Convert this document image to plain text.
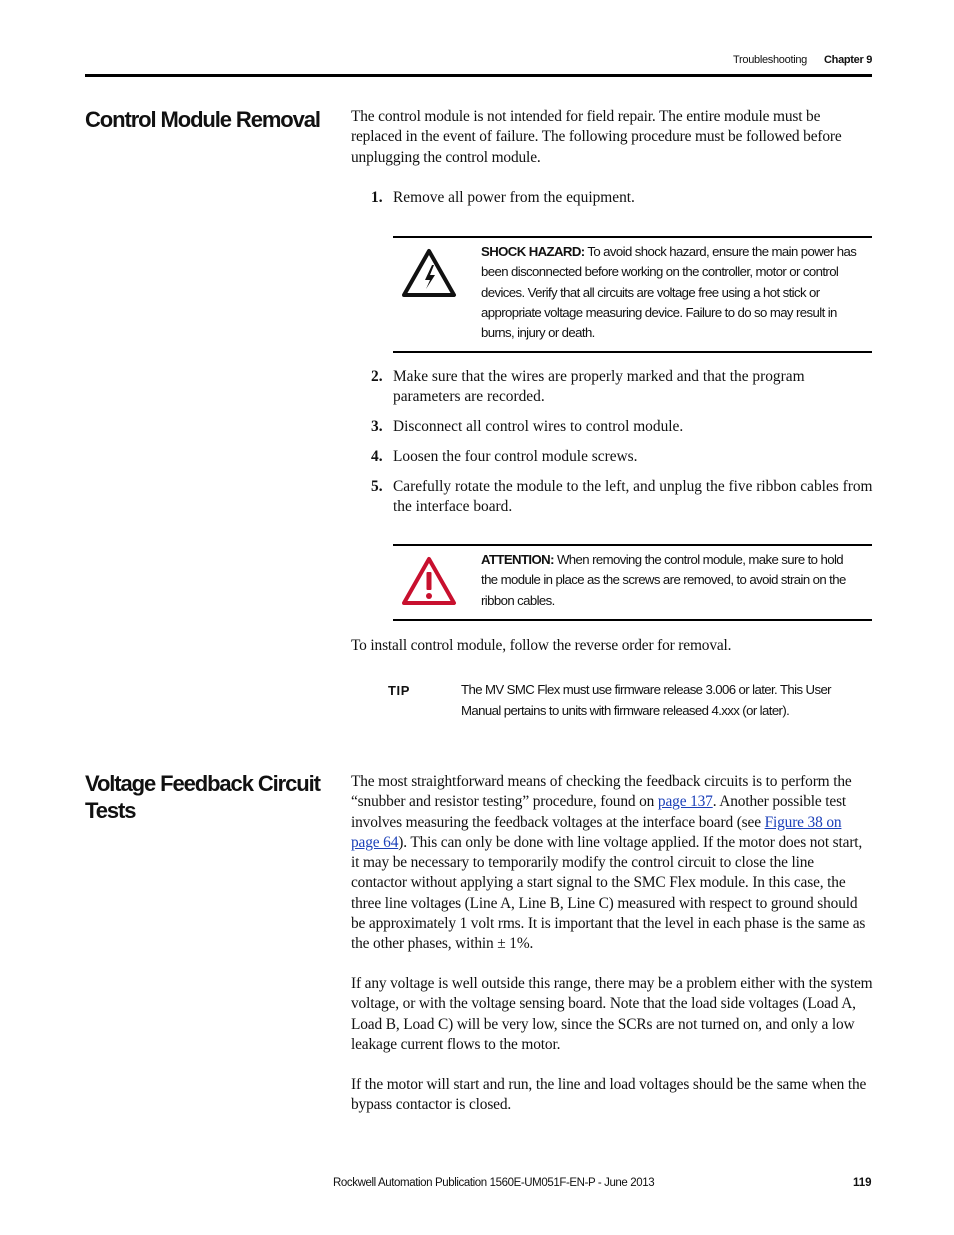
Troubleshooting Chapter 9
Control Module Removal	The control module is not intended for field repair. The entire module must be replaced in the event of failure. The following procedure must be followed before unplugging the control module.

1. Remove all power from the equipment.
SHOCK HAZARD: To avoid shock hazard, ensure the main power has been disconnected before working on the controller, motor or control devices. Verify that all circuits are voltage free using a hot stick or appropriate voltage measuring device. Failure to do so may result in burns, injury or death.
2. Make sure that the wires are properly marked and that the program parameters are recorded.
3. Disconnect all control wires to control module.
4. Loosen the four control module screws.
5. Carefully rotate the module to the left, and unplug the five ribbon cables from the interface board.
ATTENTION: When removing the control module, make sure to hold the module in place as the screws are removed, to avoid strain on the ribbon cables.

To install control module, follow the reverse order for removal.

TIP	The MV SMC Flex must use firmware release 3.006 or later. This User Manual pertains to units with firmware released 4.xxx (or later).
Voltage Feedback Circuit Tests

The most straightforward means of checking the feedback circuits is to perform the “snubber and resistor testing” procedure, found on page 137. Another possible test involves measuring the feedback voltages at the interface board (see Figure 38 on page 64). This can only be done with line voltage applied. If the motor does not start, it may be necessary to temporarily modify the control circuit to close the line contactor without applying a start signal to the SMC Flex module. In this case, the three line voltages (Line A, Line B, Line C) measured with respect to ground should be approximately 1 volt rms. It is important that the level in each phase is the same as the other phases, within ± 1%.

If any voltage is well outside this range, there may be a problem either with the system voltage, or with the voltage sensing board. Note that the load side voltages (Load A, Load B, Load C) will be very low, since the SCRs are not turned on, and only a low leakage current flows to the motor.

If the motor will start and run, the line and load voltages should be the same when the bypass contactor is closed.

Rockwell Automation Publication 1560E-UM051F-EN-P - June 2013	119
